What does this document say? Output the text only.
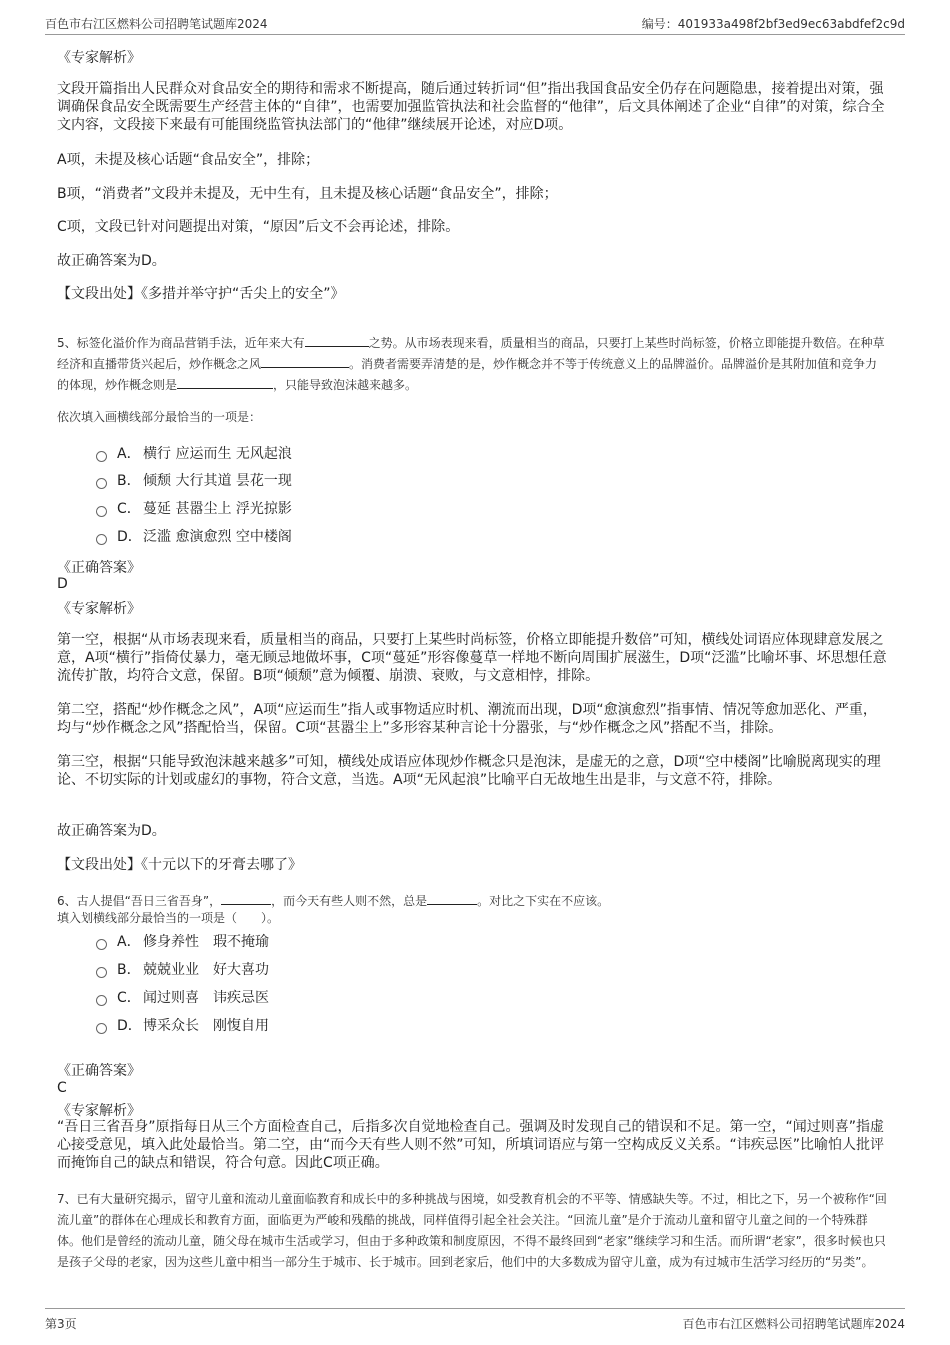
百色市右江区燃料公司招聘笔试题库2024	编号：401933a498f2bf3ed9ec63abdfef2c9d
《专家解析》
文段开篇指出人民群众对食品安全的期待和需求不断提高，随后通过转折词“但”指出我国食品安全仍存在问题隐患，接着提出对策，强调确保食品安全既需要生产经营主体的“自律”，也需要加强监管执法和社会监督的“他律”，后文具体阐述了企业“自律”的对策，综合全文内容，文段接下来最有可能围绕监管执法部门的“他律”继续展开论述，对应D项。
A项，未提及核心话题“食品安全”，排除；
B项，“消费者”文段并未提及，无中生有，且未提及核心话题“食品安全”，排除；
C项，文段已针对问题提出对策，“原因”后文不会再论述，排除。
故正确答案为D。
【文段出处】《多措并举守护“舌尖上的安全”》
5、标签化溢价作为商品营销手法，近年来大有	之势。从市场表现来看，质量相当的商品，只要打上某些时尚标签，价格立即能提升数倍。在种草经济和直播带货兴起后，炒作概念之风	。消费者需要弄清楚的是，炒作概念并不等于传统意义上的品牌溢价。品牌溢价是其附加值和竞争力的体现，炒作概念则是	，只能导致泡沫越来越多。
依次填入画横线部分最恰当的一项是：
A． 横行 应运而生 无风起浪
B． 倾颓 大行其道 昙花一现
C． 蔓延 甚嚣尘上 浮光掠影
D．泛滥 愈演愈烈 空中楼阁
《正确答案》
D
《专家解析》
第一空，根据“从市场表现来看，质量相当的商品，只要打上某些时尚标签，价格立即能提升数倍”可知，横线处词语应体现肆意发展之意，A项“横行”指倚仗暴力，毫无顾忌地做坏事，C项“蔓延”形容像蔓草一样地不断向周围扩展滋生，D项“泛滥”比喻坏事、坏思想任意流传扩散，均符合文意，保留。B项“倾颓”意为倾覆、崩溃、衰败，与文意相悖，排除。
第二空，搭配“炒作概念之风”，A项“应运而生”指人或事物适应时机、潮流而出现，D项“愈演愈烈”指事情、情况等愈加恶化、严重，均与“炒作概念之风”搭配恰当，保留。C项“甚嚣尘上”多形容某种言论十分嚣张，与“炒作概念之风”搭配不当，排除。
第三空，根据“只能导致泡沫越来越多”可知，横线处成语应体现炒作概念只是泡沫，是虚无的之意，D项“空中楼阁”比喻脱离现实的理论、不切实际的计划或虚幻的事物，符合文意，当选。A项“无风起浪”比喻平白无故地生出是非，与文意不符，排除。
故正确答案为D。
【文段出处】《十元以下的牙膏去哪了》
6、古人提倡“吾日三省吾身”，	，而今天有些人则不然，总是	。对比之下实在不应该。
填入划横线部分最恰当的一项是（　　）。
A． 修身养性　瑕不掩瑜
B． 兢兢业业　好大喜功
C． 闻过则喜　讳疾忌医
D．博采众长　刚愎自用
《正确答案》
C
《专家解析》
“吾日三省吾身”原指每日从三个方面检查自己，后指多次自觉地检查自己。强调及时发现自己的错误和不足。第一空，“闻过则喜”指虚心接受意见，填入此处最恰当。第二空，由“而今天有些人则不然”可知，所填词语应与第一空构成反义关系。“讳疾忌医”比喻怕人批评而掩饰自己的缺点和错误，符合句意。因此C项正确。
7、已有大量研究揭示，留守儿童和流动儿童面临教育和成长中的多种挑战与困境，如受教育机会的不平等、情感缺失等。不过，相比之下，另一个被称作“回流儿童”的群体在心理成长和教育方面，面临更为严峻和残酷的挑战，同样值得引起全社会关注。“回流儿童”是介于流动儿童和留守儿童之间的一个特殊群体。他们是曾经的流动儿童，随父母在城市生活或学习，但由于多种政策和制度原因，不得不最终回到“老家”继续学习和生活。而所谓“老家”，很多时候也只是孩子父母的老家，因为这些儿童中相当一部分生于城市、长于城市。回到老家后，他们中的大多数成为留守儿童，成为有过城市生活学习经历的“另类”。
第3页	百色市右江区燃料公司招聘笔试题库2024
